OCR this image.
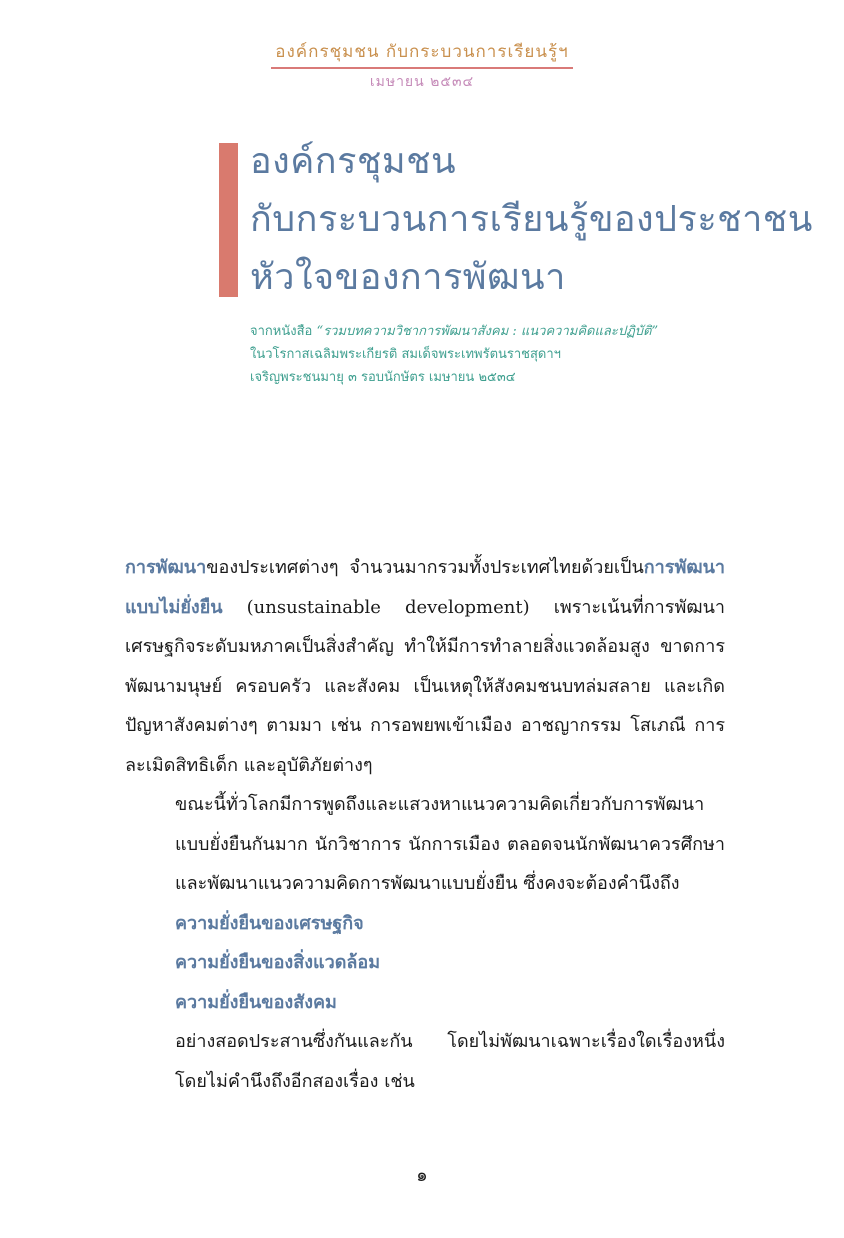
องค์กรชุมชน กับกระบวนการเรียนรู้ฯ
เมษายน ๒๕๓๔
องค์กรชุมชน
กับกระบวนการเรียนรู้ของประชาชน
หัวใจของการพัฒนา
จากหนังสือ “รวมบทความวิชาการพัฒนาสังคม : แนวความคิดและปฏิบัติ”
ในวโรกาสเฉลิมพระเกียรติ สมเด็จพระเทพรัตนราชสุดาฯ
เจริญพระชนมายุ ๓ รอบนักษัตร เมษายน ๒๕๓๔

การพัฒนาของประเทศต่างๆ จำนวนมากรวมทั้งประเทศไทยด้วยเป็นการพัฒนาแบบไม่ยั่งยืน (unsustainable development) เพราะเน้นที่การพัฒนาเศรษฐกิจระดับมหภาคเป็นสิ่งสำคัญ ทำให้มีการทำลายสิ่งแวดล้อมสูง ขาดการพัฒนามนุษย์ ครอบครัว และสังคม เป็นเหตุให้สังคมชนบทล่มสลาย และเกิดปัญหาสังคมต่างๆ ตามมา เช่น การอพยพเข้าเมือง อาชญากรรม โสเภณี การละเมิดสิทธิเด็ก และอุบัติภัยต่างๆ

ขณะนี้ทั่วโลกมีการพูดถึงและแสวงหาแนวความคิดเกี่ยวกับการพัฒนาแบบยั่งยืนกันมาก นักวิชาการ นักการเมือง ตลอดจนนักพัฒนาควรศึกษาและพัฒนาแนวความคิดการพัฒนาแบบยั่งยืน ซึ่งคงจะต้องคำนึงถึง

ความยั่งยืนของเศรษฐกิจ

ความยั่งยืนของสิ่งแวดล้อม

ความยั่งยืนของสังคม

อย่างสอดประสานซึ่งกันและกัน โดยไม่พัฒนาเฉพาะเรื่องใดเรื่องหนึ่ง โดยไม่คำนึงถึงอีกสองเรื่อง เช่น

๑
